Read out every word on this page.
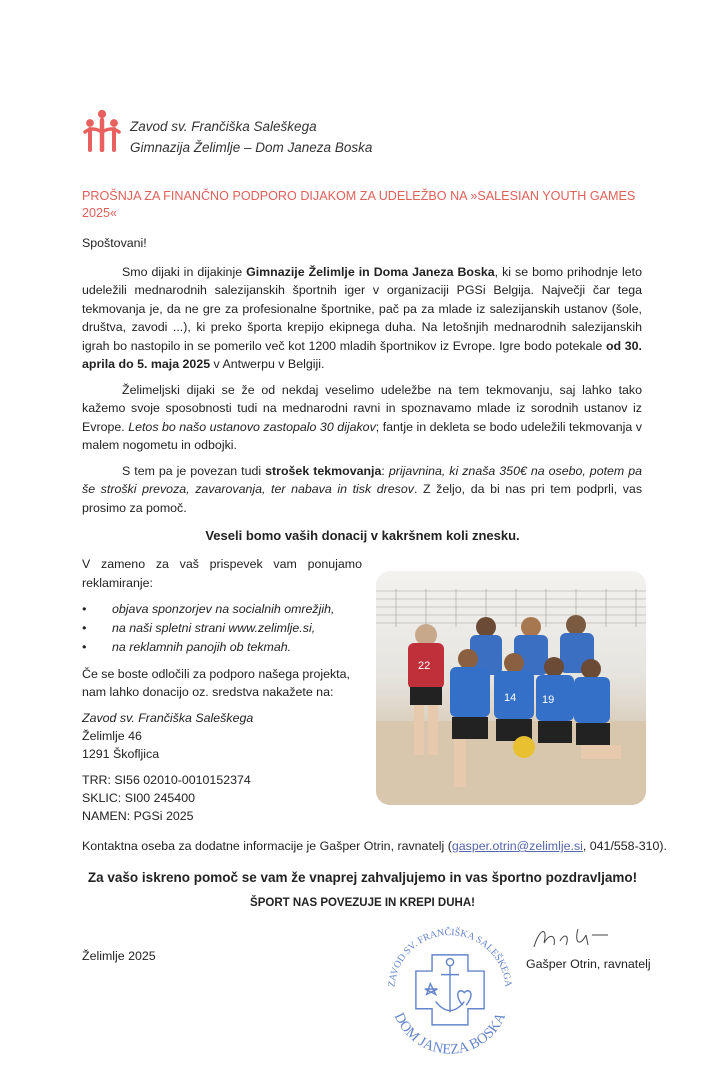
Zavod sv. Frančiška Saleškega
Gimnazija Želimlje – Dom Janeza Boska
PROŠNJA ZA FINANČNO PODPORO DIJAKOM ZA UDELEŽBO NA »SALESIAN YOUTH GAMES 2025«
Spoštovani!
Smo dijaki in dijakinje Gimnazije Želimlje in Doma Janeza Boska, ki se bomo prihodnje leto udeležili mednarodnih salezijanskih športnih iger v organizaciji PGSi Belgija. Največji čar tega tekmovanja je, da ne gre za profesionalne športnike, pač pa za mlade iz salezijanskih ustanov (šole, društva, zavodi ...), ki preko športa krepijo ekipnega duha. Na letošnjih mednarodnih salezijanskih igrah bo nastopilo in se pomerilo več kot 1200 mladih športnikov iz Evrope. Igre bodo potekale od 30. aprila do 5. maja 2025 v Antwerpu v Belgiji.
Želimeljski dijaki se že od nekdaj veselimo udeležbe na tem tekmovanju, saj lahko tako kažemo svoje sposobnosti tudi na mednarodni ravni in spoznavamo mlade iz sorodnih ustanov iz Evrope. Letos bo našo ustanovo zastopalo 30 dijakov; fantje in dekleta se bodo udeležili tekmovanja v malem nogometu in odbojki.
S tem pa je povezan tudi strošek tekmovanja: prijavnina, ki znaša 350€ na osebo, potem pa še stroški prevoza, zavarovanja, ter nabava in tisk dresov. Z željo, da bi nas pri tem podprli, vas prosimo za pomoč.
Veseli bomo vaših donacij v kakršnem koli znesku.
V zameno za vaš prispevek vam ponujamo reklamiranje:
• objava sponzorjev na socialnih omrežjih,
• na naši spletni strani www.zelimlje.si,
• na reklamnih panojih ob tekmah.
Če se boste odločili za podporo našega projekta,
nam lahko donacijo oz. sredstva nakažete na:
Zavod sv. Frančiška Saleškega
Želimlje 46
1291 Škofljica
TRR: SI56 02010-0010152374
SKLIC: SI00 245400
NAMEN: PGSi 2025
22
14 19
Kontaktna oseba za dodatne informacije je Gašper Otrin, ravnatelj (gasper.otrin@zelimlje.si, 041/558-310).
Za vašo iskreno pomoč se vam že vnaprej zahvaljujemo in vas športno pozdravljamo!
ŠPORT NAS POVEZUJE IN KREPI DUHA!
Želimlje 2025
ZAVOD SV. FRANČIŠKA SALEŠKEGA
DOM JANEZA BOSKA
Gašper Otrin, ravnatelj
